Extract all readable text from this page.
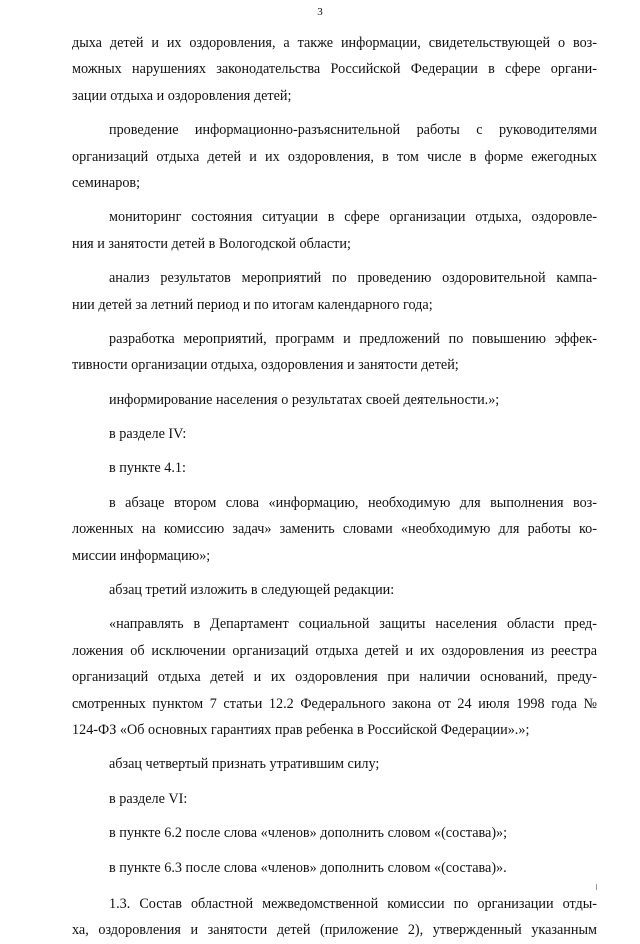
3
дыха детей и их оздоровления, а также информации, свидетельствующей о воз-
можных нарушениях законодательства Российской Федерации в сфере органи-
зации отдыха и оздоровления детей;
проведение информационно-разъяснительной работы с руководителями
организаций отдыха детей и их оздоровления, в том числе в форме ежегодных
семинаров;
мониторинг состояния ситуации в сфере организации отдыха, оздоровле-
ния и занятости детей в Вологодской области;
анализ результатов мероприятий по проведению оздоровительной кампа-
нии детей за летний период и по итогам календарного года;
разработка мероприятий, программ и предложений по повышению эффек-
тивности организации отдыха, оздоровления и занятости детей;
информирование населения о результатах своей деятельности.»;
в разделе IV:
в пункте 4.1:
в абзаце втором слова «информацию, необходимую для выполнения воз-
ложенных на комиссию задач» заменить словами «необходимую для работы ко-
миссии информацию»;
абзац третий изложить в следующей редакции:
«направлять в Департамент социальной защиты населения области пред-
ложения об исключении организаций отдыха детей и их оздоровления из реестра
организаций отдыха детей и их оздоровления при наличии оснований, преду-
смотренных пунктом 7 статьи 12.2 Федерального закона от 24 июля 1998 года №
124-ФЗ «Об основных гарантиях прав ребенка в Российской Федерации».»;
абзац четвертый признать утратившим силу;
в разделе VI:
в пункте 6.2 после слова «членов» дополнить словом «(состава)»;
в пункте 6.3 после слова «членов» дополнить словом «(состава)».
1.3. Состав областной межведомственной комиссии по организации отды-
ха, оздоровления и занятости детей (приложение 2), утвержденный указанным
